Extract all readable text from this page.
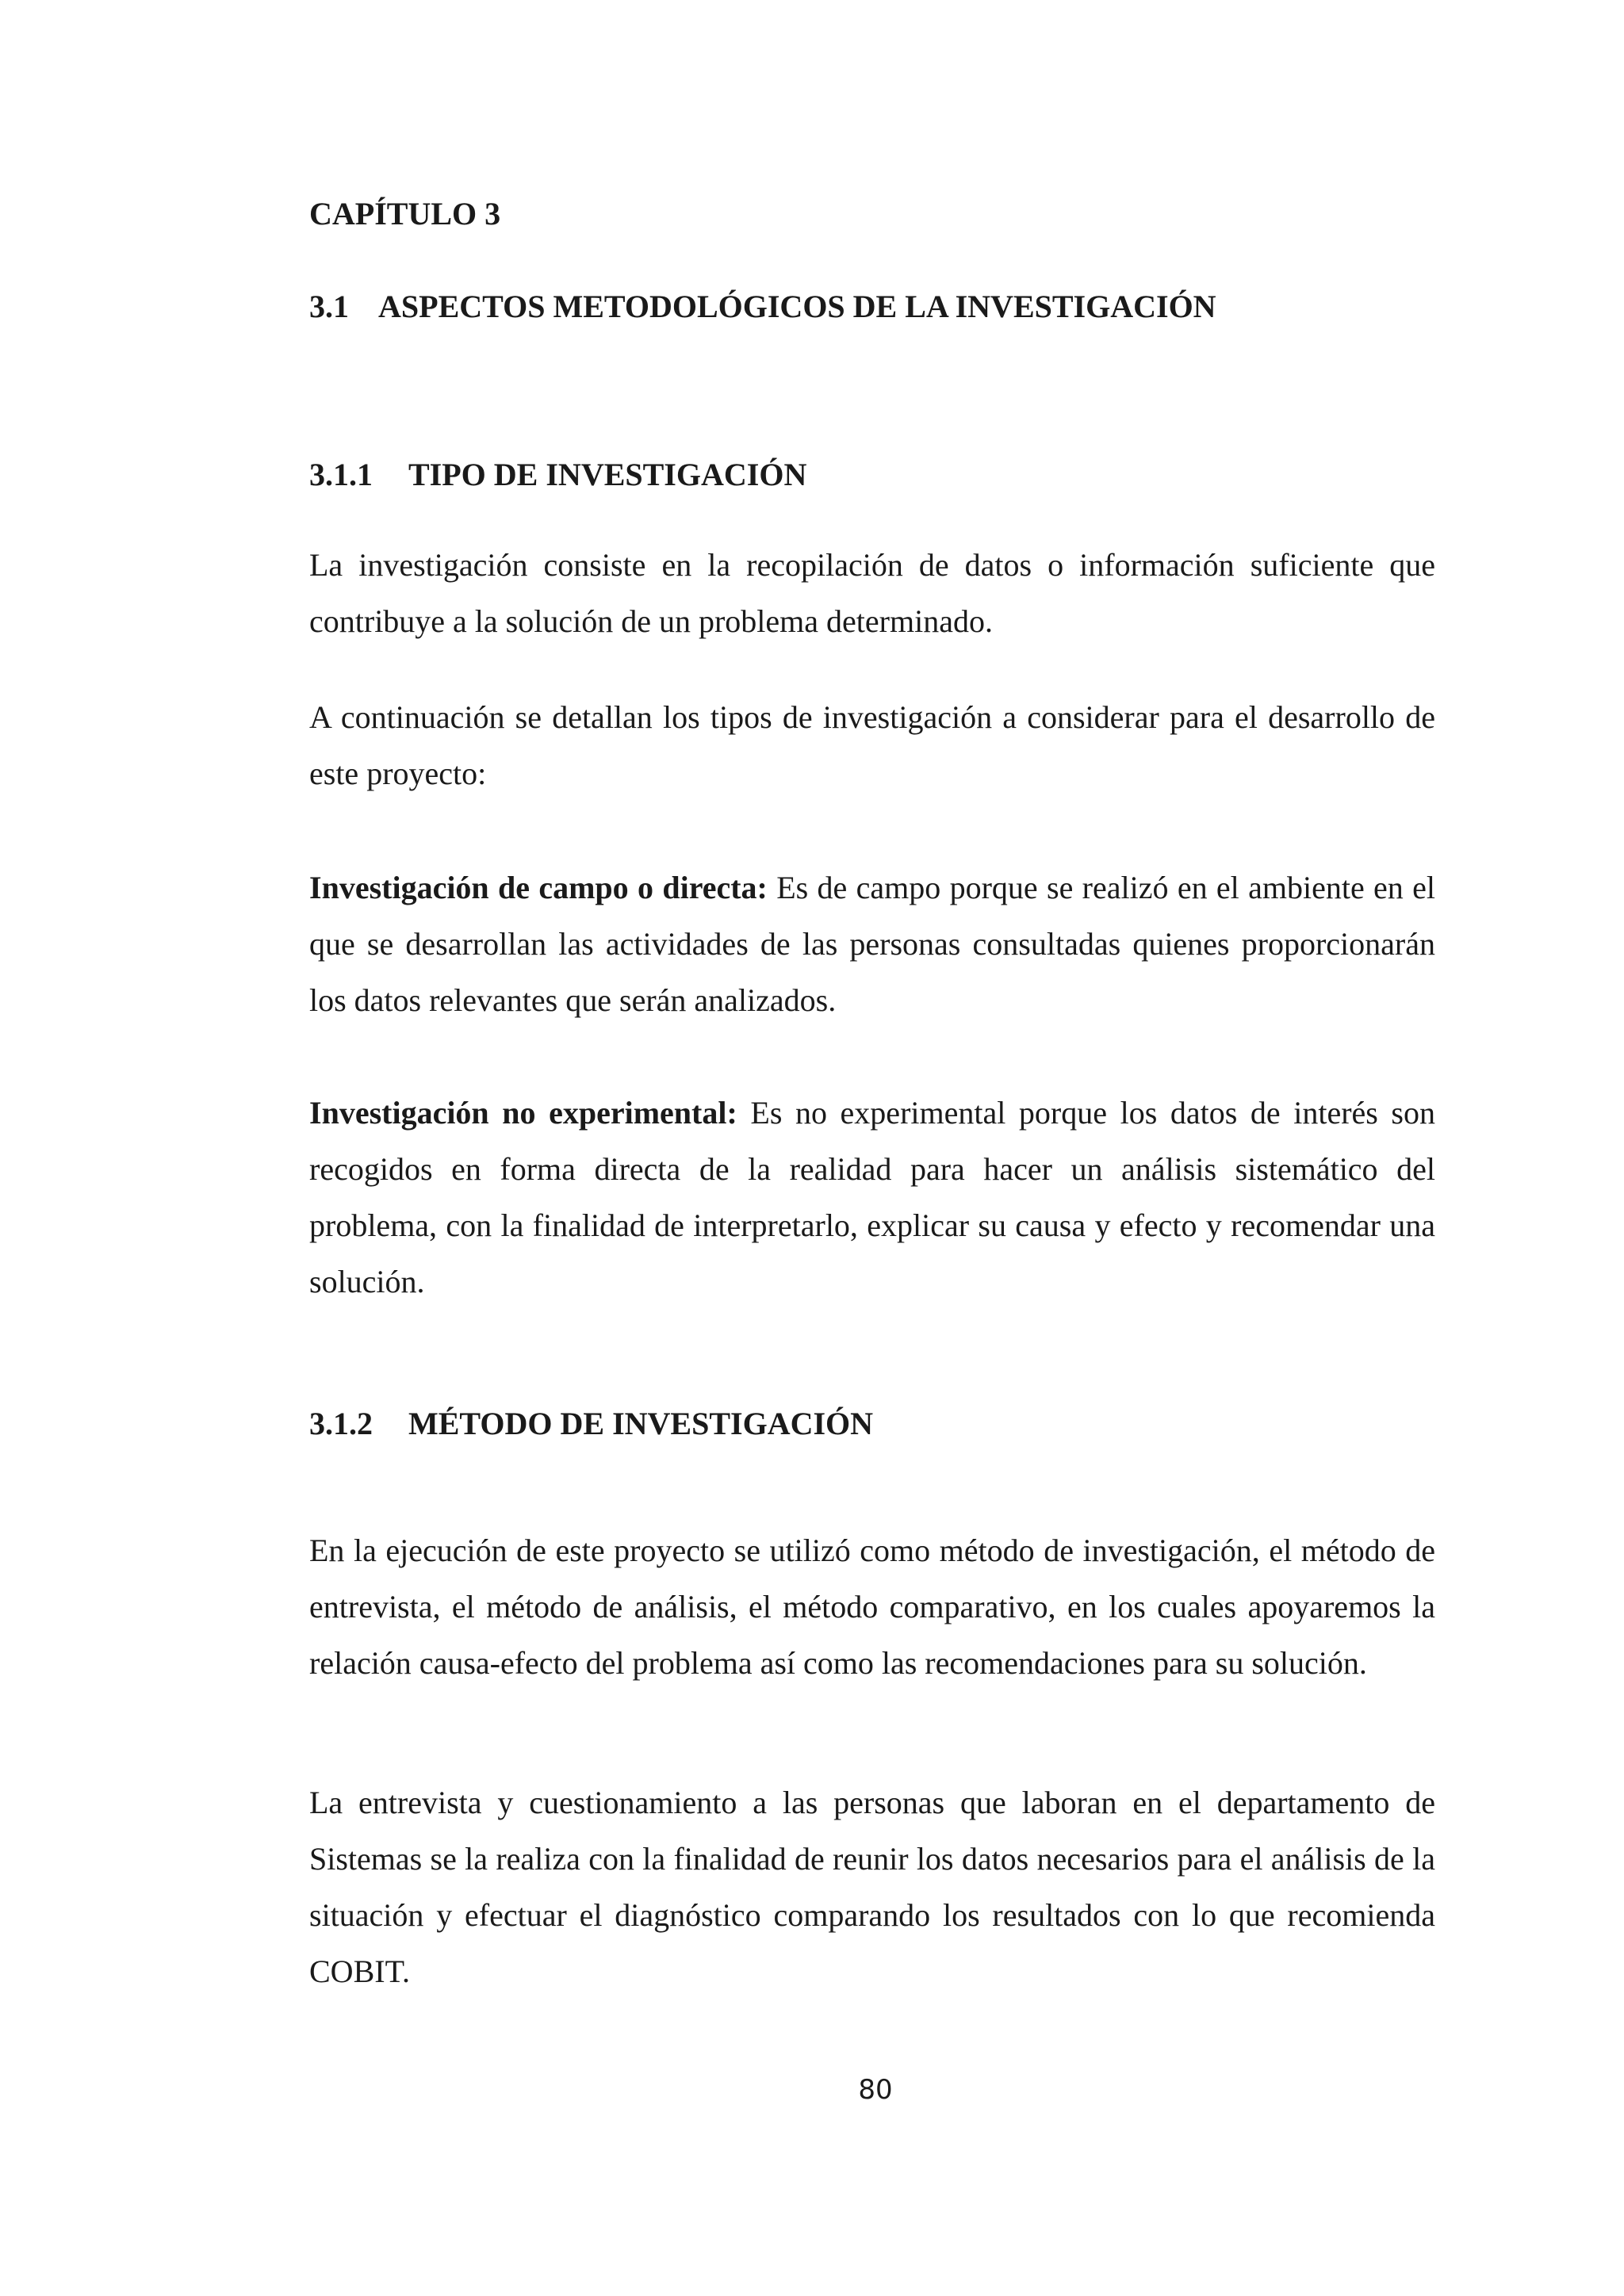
CAPÍTULO 3
3.1 ASPECTOS METODOLÓGICOS DE LA INVESTIGACIÓN
3.1.1 TIPO DE INVESTIGACIÓN

La investigación consiste en la recopilación de datos o información suficiente que contribuye a la solución de un problema determinado.

A continuación se detallan los tipos de investigación a considerar para el desarrollo de este proyecto:

Investigación de campo o directa: Es de campo porque se realizó en el ambiente en el que se desarrollan las actividades de las personas consultadas quienes proporcionarán los datos relevantes que serán analizados.

Investigación no experimental: Es no experimental porque los datos de interés son recogidos en forma directa de la realidad para hacer un análisis sistemático del problema, con la finalidad de interpretarlo, explicar su causa y efecto y recomendar una solución.

3.1.2 MÉTODO DE INVESTIGACIÓN

En la ejecución de este proyecto se utilizó como método de investigación, el método de entrevista, el método de análisis, el método comparativo, en los cuales apoyaremos la relación causa-efecto del problema así como las recomendaciones para su solución.

La entrevista y cuestionamiento a las personas que laboran en el departamento de Sistemas se la realiza con la finalidad de reunir los datos necesarios para el análisis de la situación y efectuar el diagnóstico comparando los resultados con lo que recomienda COBIT.

80
